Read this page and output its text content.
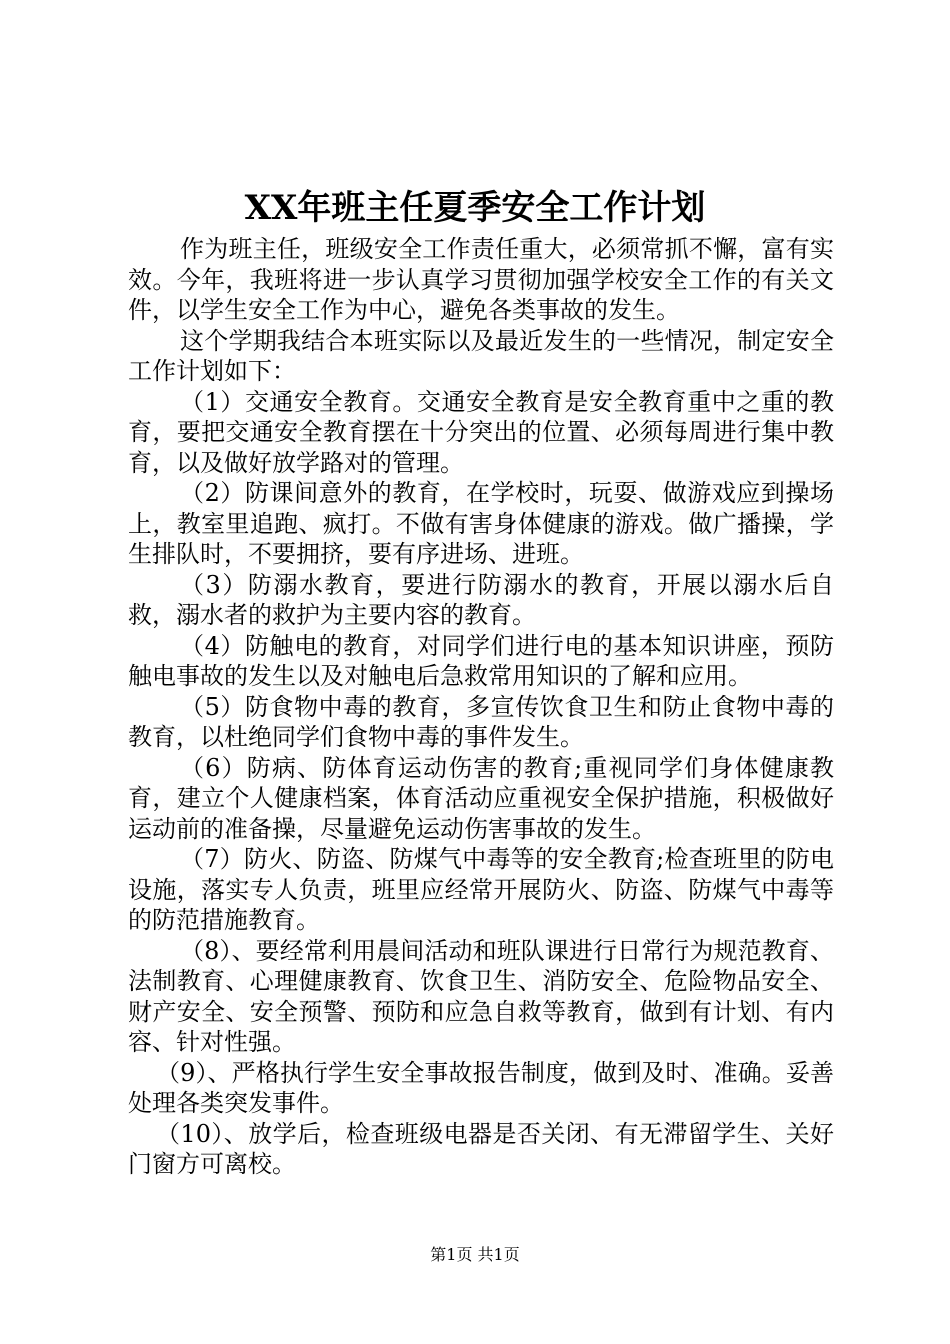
XX年班主任夏季安全工作计划

作为班主任，班级安全工作责任重大，必须常抓不懈，富有实效。今年，我班将进一步认真学习贯彻加强学校安全工作的有关文件，以学生安全工作为中心，避免各类事故的发生。

这个学期我结合本班实际以及最近发生的一些情况，制定安全工作计划如下：

（1）交通安全教育。交通安全教育是安全教育重中之重的教育，要把交通安全教育摆在十分突出的位置、必须每周进行集中教育，以及做好放学路对的管理。

（2）防课间意外的教育，在学校时，玩耍、做游戏应到操场上，教室里追跑、疯打。不做有害身体健康的游戏。做广播操，学生排队时，不要拥挤，要有序进场、进班。

（3）防溺水教育，要进行防溺水的教育，开展以溺水后自救，溺水者的救护为主要内容的教育。

（4）防触电的教育，对同学们进行电的基本知识讲座，预防触电事故的发生以及对触电后急救常用知识的了解和应用。

（5）防食物中毒的教育，多宣传饮食卫生和防止食物中毒的教育，以杜绝同学们食物中毒的事件发生。

（6）防病、防体育运动伤害的教育;重视同学们身体健康教育，建立个人健康档案，体育活动应重视安全保护措施，积极做好运动前的准备操，尽量避免运动伤害事故的发生。

（7）防火、防盗、防煤气中毒等的安全教育;检查班里的防电设施，落实专人负责，班里应经常开展防火、防盗、防煤气中毒等的防范措施教育。

（8）、要经常利用晨间活动和班队课进行日常行为规范教育、法制教育、心理健康教育、饮食卫生、消防安全、危险物品安全、财产安全、安全预警、预防和应急自救等教育，做到有计划、有内容、针对性强。

（9）、严格执行学生安全事故报告制度，做到及时、准确。妥善处理各类突发事件。

（10）、放学后，检查班级电器是否关闭、有无滞留学生、关好门窗方可离校。

第1页 共1页
